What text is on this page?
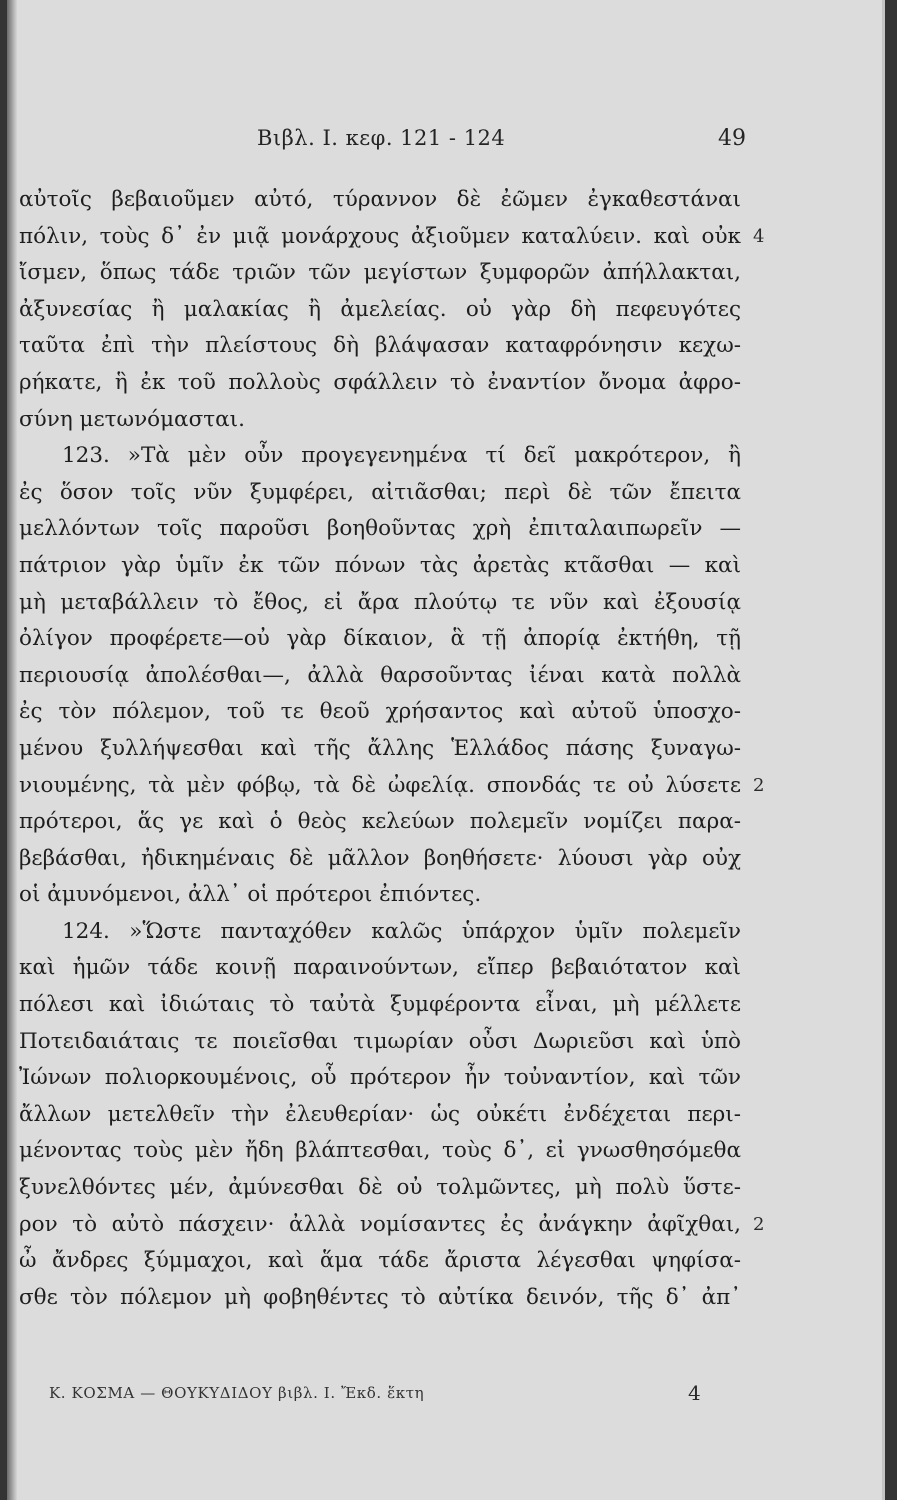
Βιβλ. Ι. κεφ. 121 - 124	49
αὐτοῖς βεβαιοῦμεν αὐτό, τύραννον δὲ ἐῶμεν ἐγκαθεστάναι
πόλιν, τοὺς δ᾽ ἐν μιᾷ μονάρχους ἀξιοῦμεν καταλύειν. καὶ οὐκ 4
ἴσμεν, ὅπως τάδε τριῶν τῶν μεγίστων ξυμφορῶν ἀπήλλακται,
ἀξυνεσίας ἢ μαλακίας ἢ ἀμελείας. οὐ γὰρ δὴ πεφευγότες
ταῦτα ἐπὶ τὴν πλείστους δὴ βλάψασαν καταφρόνησιν κεχω-
ρήκατε, ἣ ἐκ τοῦ πολλοὺς σφάλλειν τὸ ἐναντίον ὄνομα ἀφρο-
σύνη μετωνόμασται.
123. »Τὰ μὲν οὖν προγεγενημένα τί δεῖ μακρότερον, ἢ
ἐς ὅσον τοῖς νῦν ξυμφέρει, αἰτιᾶσθαι; περὶ δὲ τῶν ἔπειτα
μελλόντων τοῖς παροῦσι βοηθοῦντας χρὴ ἐπιταλαιπωρεῖν —
πάτριον γὰρ ὑμῖν ἐκ τῶν πόνων τὰς ἀρετὰς κτᾶσθαι — καὶ
μὴ μεταβάλλειν τὸ ἔθος, εἰ ἄρα πλούτῳ τε νῦν καὶ ἐξουσίᾳ
ὀλίγον προφέρετε—οὐ γὰρ δίκαιον, ἃ τῇ ἀπορίᾳ ἐκτήθη, τῇ
περιουσίᾳ ἀπολέσθαι—, ἀλλὰ θαρσοῦντας ἰέναι κατὰ πολλὰ
ἐς τὸν πόλεμον, τοῦ τε θεοῦ χρήσαντος καὶ αὐτοῦ ὑποσχο-
μένου ξυλλήψεσθαι καὶ τῆς ἄλλης Ἑλλάδος πάσης ξυναγω-
νιουμένης, τὰ μὲν φόβῳ, τὰ δὲ ὠφελίᾳ. σπονδάς τε οὐ λύσετε 2
πρότεροι, ἅς γε καὶ ὁ θεὸς κελεύων πολεμεῖν νομίζει παρα-
βεβάσθαι, ἠδικημέναις δὲ μᾶλλον βοηθήσετε· λύουσι γὰρ οὐχ
οἱ ἀμυνόμενοι, ἀλλ᾽ οἱ πρότεροι ἐπιόντες.
124. »Ὥστε πανταχόθεν καλῶς ὑπάρχον ὑμῖν πολεμεῖν
καὶ ἡμῶν τάδε κοινῇ παραινούντων, εἴπερ βεβαιότατον καὶ
πόλεσι καὶ ἰδιώταις τὸ ταὐτὰ ξυμφέροντα εἶναι, μὴ μέλλετε
Ποτειδαιάταις τε ποιεῖσθαι τιμωρίαν οὖσι Δωριεῦσι καὶ ὑπὸ
Ἰώνων πολιορκουμένοις, οὗ πρότερον ἦν τοὐναντίον, καὶ τῶν
ἄλλων μετελθεῖν τὴν ἐλευθερίαν· ὡς οὐκέτι ἐνδέχεται περι-
μένοντας τοὺς μὲν ἤδη βλάπτεσθαι, τοὺς δ᾽, εἰ γνωσθησόμεθα
ξυνελθόντες μέν, ἀμύνεσθαι δὲ οὐ τολμῶντες, μὴ πολὺ ὕστε-
ρον τὸ αὐτὸ πάσχειν· ἀλλὰ νομίσαντες ἐς ἀνάγκην ἀφῖχθαι, 2
ὦ ἄνδρες ξύμμαχοι, καὶ ἅμα τάδε ἄριστα λέγεσθαι ψηφίσα-
σθε τὸν πόλεμον μὴ φοβηθέντες τὸ αὐτίκα δεινόν, τῆς δ᾽ ἀπ᾽
Κ. ΚΟΣΜΑ — ΘΟΥΚΥΔΙΔΟΥ βιβλ. Ι. Ἔκδ. ἕκτη	4
